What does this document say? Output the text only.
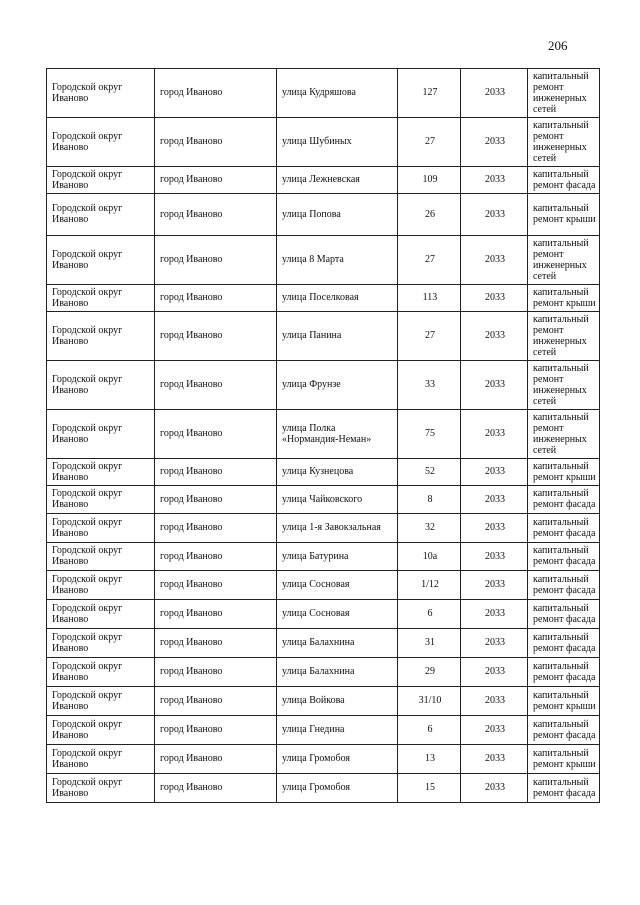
206
Городской округ Иваново	город Иваново	улица Кудряшова	127	2033	капитальный ремонт инженерных сетей
Городской округ Иваново	город Иваново	улица Шубиных	27	2033	капитальный ремонт инженерных сетей
Городской округ Иваново	город Иваново	улица Лежневская	109	2033	капитальный ремонт фасада
Городской округ Иваново	город Иваново	улица Попова	26	2033	капитальный ремонт крыши
Городской округ Иваново	город Иваново	улица 8 Марта	27	2033	капитальный ремонт инженерных сетей
Городской округ Иваново	город Иваново	улица Поселковая	113	2033	капитальный ремонт крыши
Городской округ Иваново	город Иваново	улица Панина	27	2033	капитальный ремонт инженерных сетей
Городской округ Иваново	город Иваново	улица Фрунзе	33	2033	капитальный ремонт инженерных сетей
Городской округ Иваново	город Иваново	улица Полка «Нормандия-Неман»	75	2033	капитальный ремонт инженерных сетей
Городской округ Иваново	город Иваново	улица Кузнецова	52	2033	капитальный ремонт крыши
Городской округ Иваново	город Иваново	улица Чайковского	8	2033	капитальный ремонт фасада
Городской округ Иваново	город Иваново	улица 1-я Завокзальная	32	2033	капитальный ремонт фасада
Городской округ Иваново	город Иваново	улица Батурина	10а	2033	капитальный ремонт фасада
Городской округ Иваново	город Иваново	улица Сосновая	1/12	2033	капитальный ремонт фасада
Городской округ Иваново	город Иваново	улица Сосновая	6	2033	капитальный ремонт фасада
Городской округ Иваново	город Иваново	улица Балахнина	31	2033	капитальный ремонт фасада
Городской округ Иваново	город Иваново	улица Балахнина	29	2033	капитальный ремонт фасада
Городской округ Иваново	город Иваново	улица Войкова	31/10	2033	капитальный ремонт крыши
Городской округ Иваново	город Иваново	улица Гнедина	6	2033	капитальный ремонт фасада
Городской округ Иваново	город Иваново	улица Громобоя	13	2033	капитальный ремонт крыши
Городской округ Иваново	город Иваново	улица Громобоя	15	2033	капитальный ремонт фасада
